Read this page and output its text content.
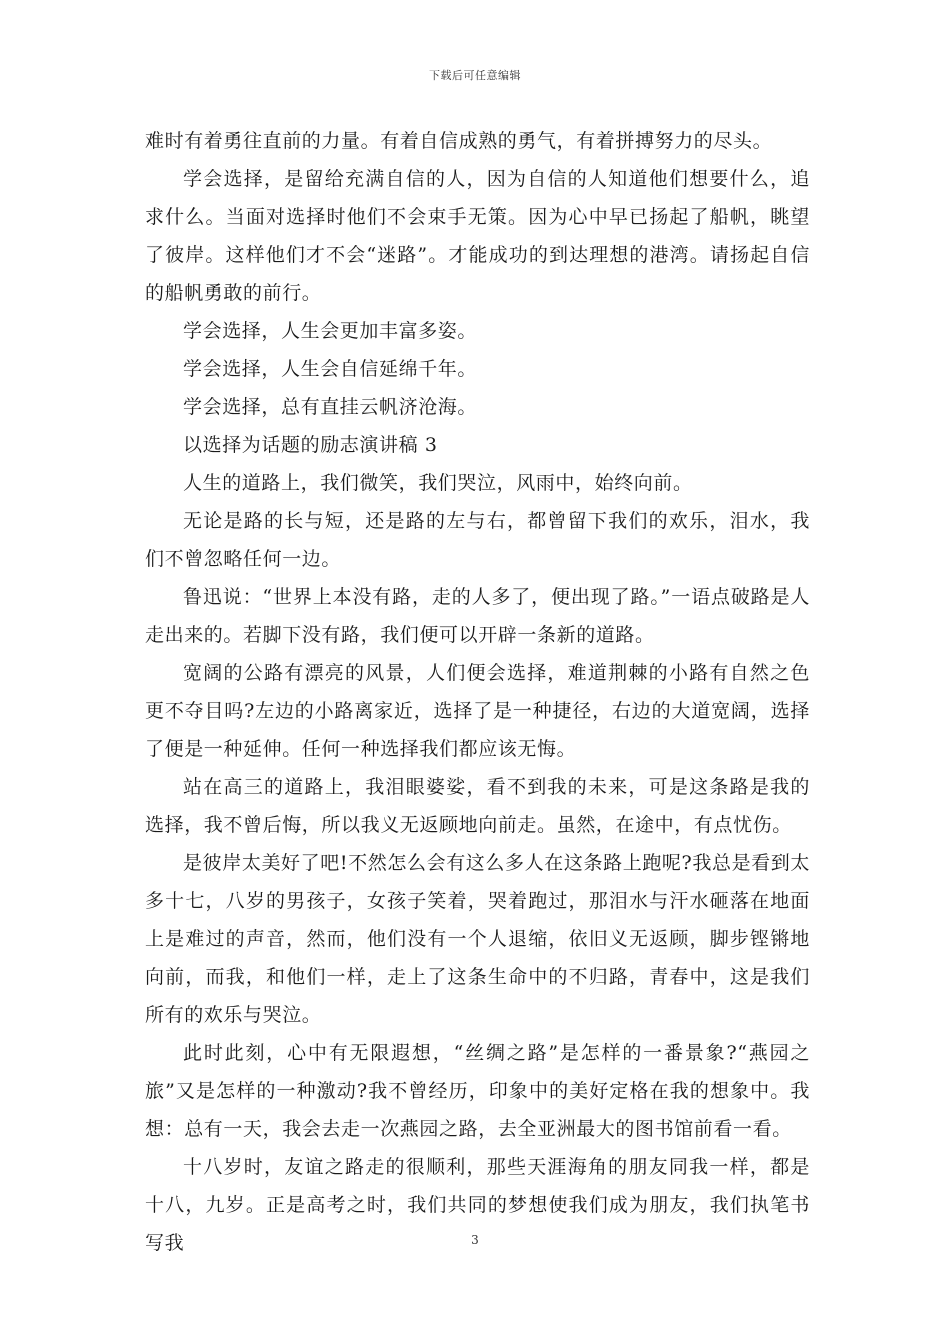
下载后可任意编辑

难时有着勇往直前的力量。有着自信成熟的勇气，有着拼搏努力的尽头。

学会选择，是留给充满自信的人，因为自信的人知道他们想要什么，追求什么。当面对选择时他们不会束手无策。因为心中早已扬起了船帆，眺望了彼岸。这样他们才不会“迷路”。才能成功的到达理想的港湾。请扬起自信的船帆勇敢的前行。

学会选择，人生会更加丰富多姿。

学会选择，人生会自信延绵千年。

学会选择，总有直挂云帆济沧海。

以选择为话题的励志演讲稿 3

人生的道路上，我们微笑，我们哭泣，风雨中，始终向前。

无论是路的长与短，还是路的左与右，都曾留下我们的欢乐，泪水，我们不曾忽略任何一边。

鲁迅说：“世界上本没有路，走的人多了，便出现了路。”一语点破路是人走出来的。若脚下没有路，我们便可以开辟一条新的道路。

宽阔的公路有漂亮的风景，人们便会选择，难道荆棘的小路有自然之色更不夺目吗?左边的小路离家近，选择了是一种捷径，右边的大道宽阔，选择了便是一种延伸。任何一种选择我们都应该无悔。

站在高三的道路上，我泪眼婆娑，看不到我的未来，可是这条路是我的选择，我不曾后悔，所以我义无返顾地向前走。虽然，在途中，有点忧伤。

是彼岸太美好了吧!不然怎么会有这么多人在这条路上跑呢?我总是看到太多十七，八岁的男孩子，女孩子笑着，哭着跑过，那泪水与汗水砸落在地面上是难过的声音，然而，他们没有一个人退缩，依旧义无返顾，脚步铿锵地向前，而我，和他们一样，走上了这条生命中的不归路，青春中，这是我们所有的欢乐与哭泣。

此时此刻，心中有无限遐想，“丝绸之路”是怎样的一番景象?“燕园之旅”又是怎样的一种激动?我不曾经历，印象中的美好定格在我的想象中。我想：总有一天，我会去走一次燕园之路，去全亚洲最大的图书馆前看一看。

十八岁时，友谊之路走的很顺利，那些天涯海角的朋友同我一样，都是十八，九岁。正是高考之时，我们共同的梦想使我们成为朋友，我们执笔书写我	3
